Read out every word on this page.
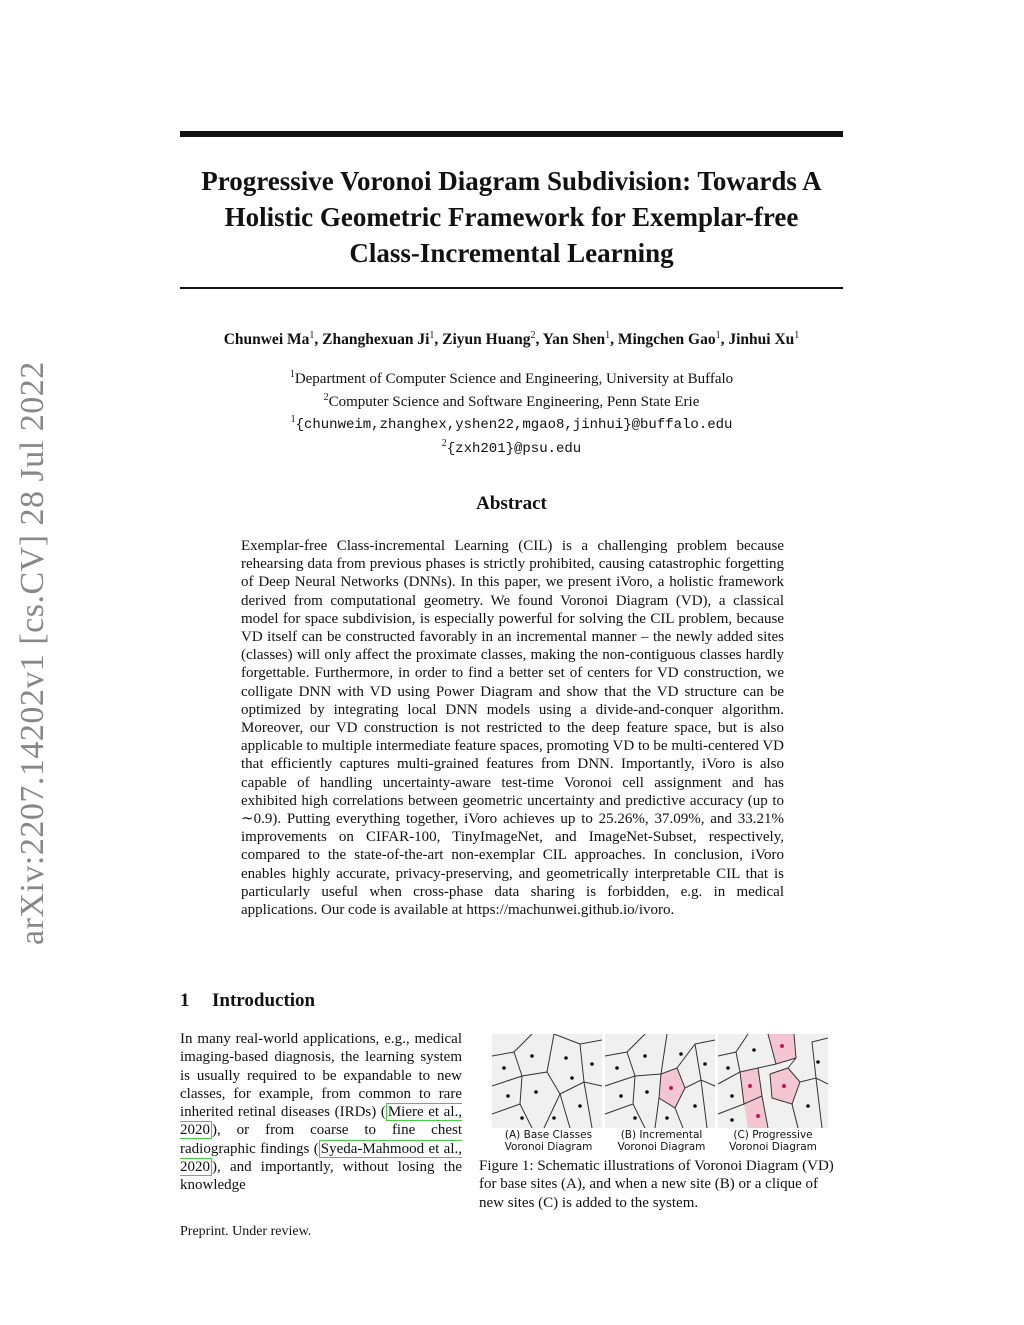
arXiv:2207.14202v1 [cs.CV] 28 Jul 2022
Progressive Voronoi Diagram Subdivision: Towards A
Holistic Geometric Framework for Exemplar-free
Class-Incremental Learning
Chunwei Ma$^1$, Zhanghexuan Ji$^1$, Ziyun Huang$^2$, Yan Shen$^1$, Mingchen Gao$^1$, Jinhui Xu$^1$
$^1$Department of Computer Science and Engineering, University at Buffalo
$^2$Computer Science and Software Engineering, Penn State Erie
$^1${chunweim,zhanghex,yshen22,mgao8,jinhui}@buffalo.edu
$^2${zxh201}@psu.edu
Abstract
Exemplar-free Class-incremental Learning (CIL) is a challenging problem because rehearsing data from previous phases is strictly prohibited, causing catastrophic forgetting of Deep Neural Networks (DNNs). In this paper, we present iVoro, a holistic framework derived from computational geometry. We found Voronoi Diagram (VD), a classical model for space subdivision, is especially powerful for solving the CIL problem, because VD itself can be constructed favorably in an incremental manner – the newly added sites (classes) will only affect the proximate classes, making the non-contiguous classes hardly forgettable. Furthermore, in order to find a better set of centers for VD construction, we colligate DNN with VD using Power Diagram and show that the VD structure can be optimized by integrating local DNN models using a divide-and-conquer algorithm. Moreover, our VD construction is not restricted to the deep feature space, but is also applicable to multiple intermediate feature spaces, promoting VD to be multi-centered VD that efficiently captures multi-grained features from DNN. Importantly, iVoro is also capable of handling uncertainty-aware test-time Voronoi cell assignment and has exhibited high correlations between geometric uncertainty and predictive accuracy (up to ∼0.9). Putting everything together, iVoro achieves up to 25.26%, 37.09%, and 33.21% improvements on CIFAR-100, TinyImageNet, and ImageNet-Subset, respectively, compared to the state-of-the-art non-exemplar CIL approaches. In conclusion, iVoro enables highly accurate, privacy-preserving, and geometrically interpretable CIL that is particularly useful when cross-phase data sharing is forbidden, e.g. in medical applications. Our code is available at https://machunwei.github.io/ivoro.
1 Introduction
In many real-world applications, e.g., medical imaging-based diagnosis, the learning system is usually required to be expandable to new classes, for example, from common to rare inherited retinal diseases (IRDs) ( Miere et al., 2020 ), or from coarse to fine chest radiographic findings ( Syeda-Mahmood et al., 2020 ), and importantly, without losing the knowledge
(A) Base Classes
Voronoi Diagram
(B) Incremental
Voronoi Diagram
(C) Progressive
Voronoi Diagram
Figure 1: Schematic illustrations of Voronoi Diagram (VD) for base sites (A), and when a new site (B) or a clique of new sites (C) is added to the system.
Preprint. Under review.
